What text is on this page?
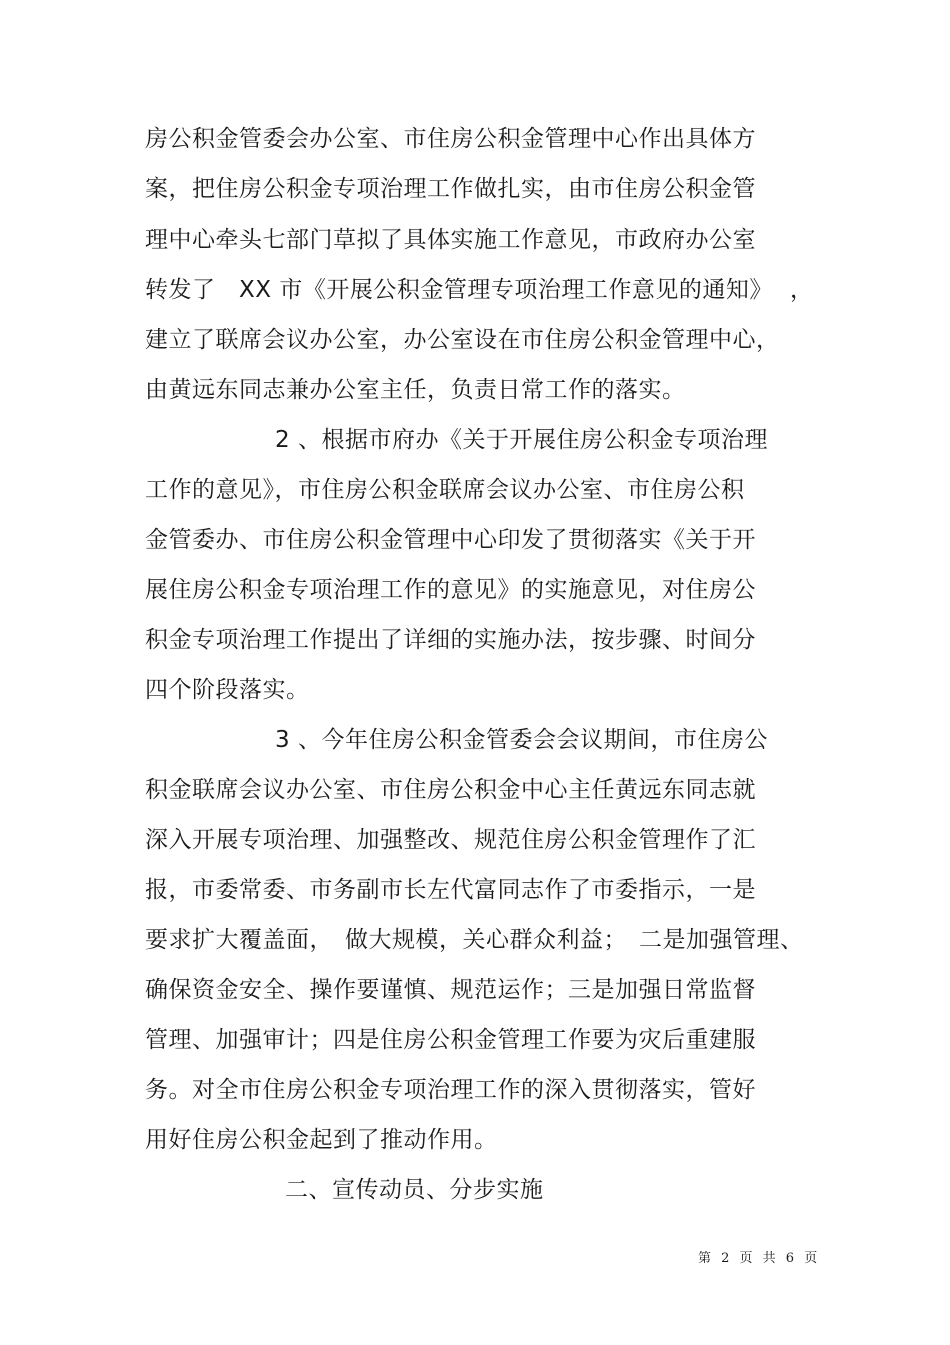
房公积金管委会办公室、市住房公积金管理中心作出具体方
案，把住房公积金专项治理工作做扎实，由市住房公积金管
理中心牵头七部门草拟了具体实施工作意见，市政府办公室
转发了　XX 市《开展公积金管理专项治理工作意见的通知》 ，
建立了联席会议办公室，办公室设在市住房公积金管理中心，
由黄远东同志兼办公室主任，负责日常工作的落实。
2 、根据市府办《关于开展住房公积金专项治理
工作的意见》，市住房公积金联席会议办公室、市住房公积
金管委办、市住房公积金管理中心印发了贯彻落实《关于开
展住房公积金专项治理工作的意见》的实施意见，对住房公
积金专项治理工作提出了详细的实施办法，按步骤、时间分
四个阶段落实。
3 、今年住房公积金管委会会议期间，市住房公
积金联席会议办公室、市住房公积金中心主任黄远东同志就
深入开展专项治理、加强整改、规范住房公积金管理作了汇
报，市委常委、市务副市长左代富同志作了市委指示，一是
要求扩大覆盖面，　做大规模，关心群众利益；　二是加强管理、
确保资金安全、操作要谨慎、规范运作；三是加强日常监督
管理、加强审计；四是住房公积金管理工作要为灾后重建服
务。对全市住房公积金专项治理工作的深入贯彻落实，管好
用好住房公积金起到了推动作用。
二、宣传动员、分步实施
第 2 页 共 6 页
